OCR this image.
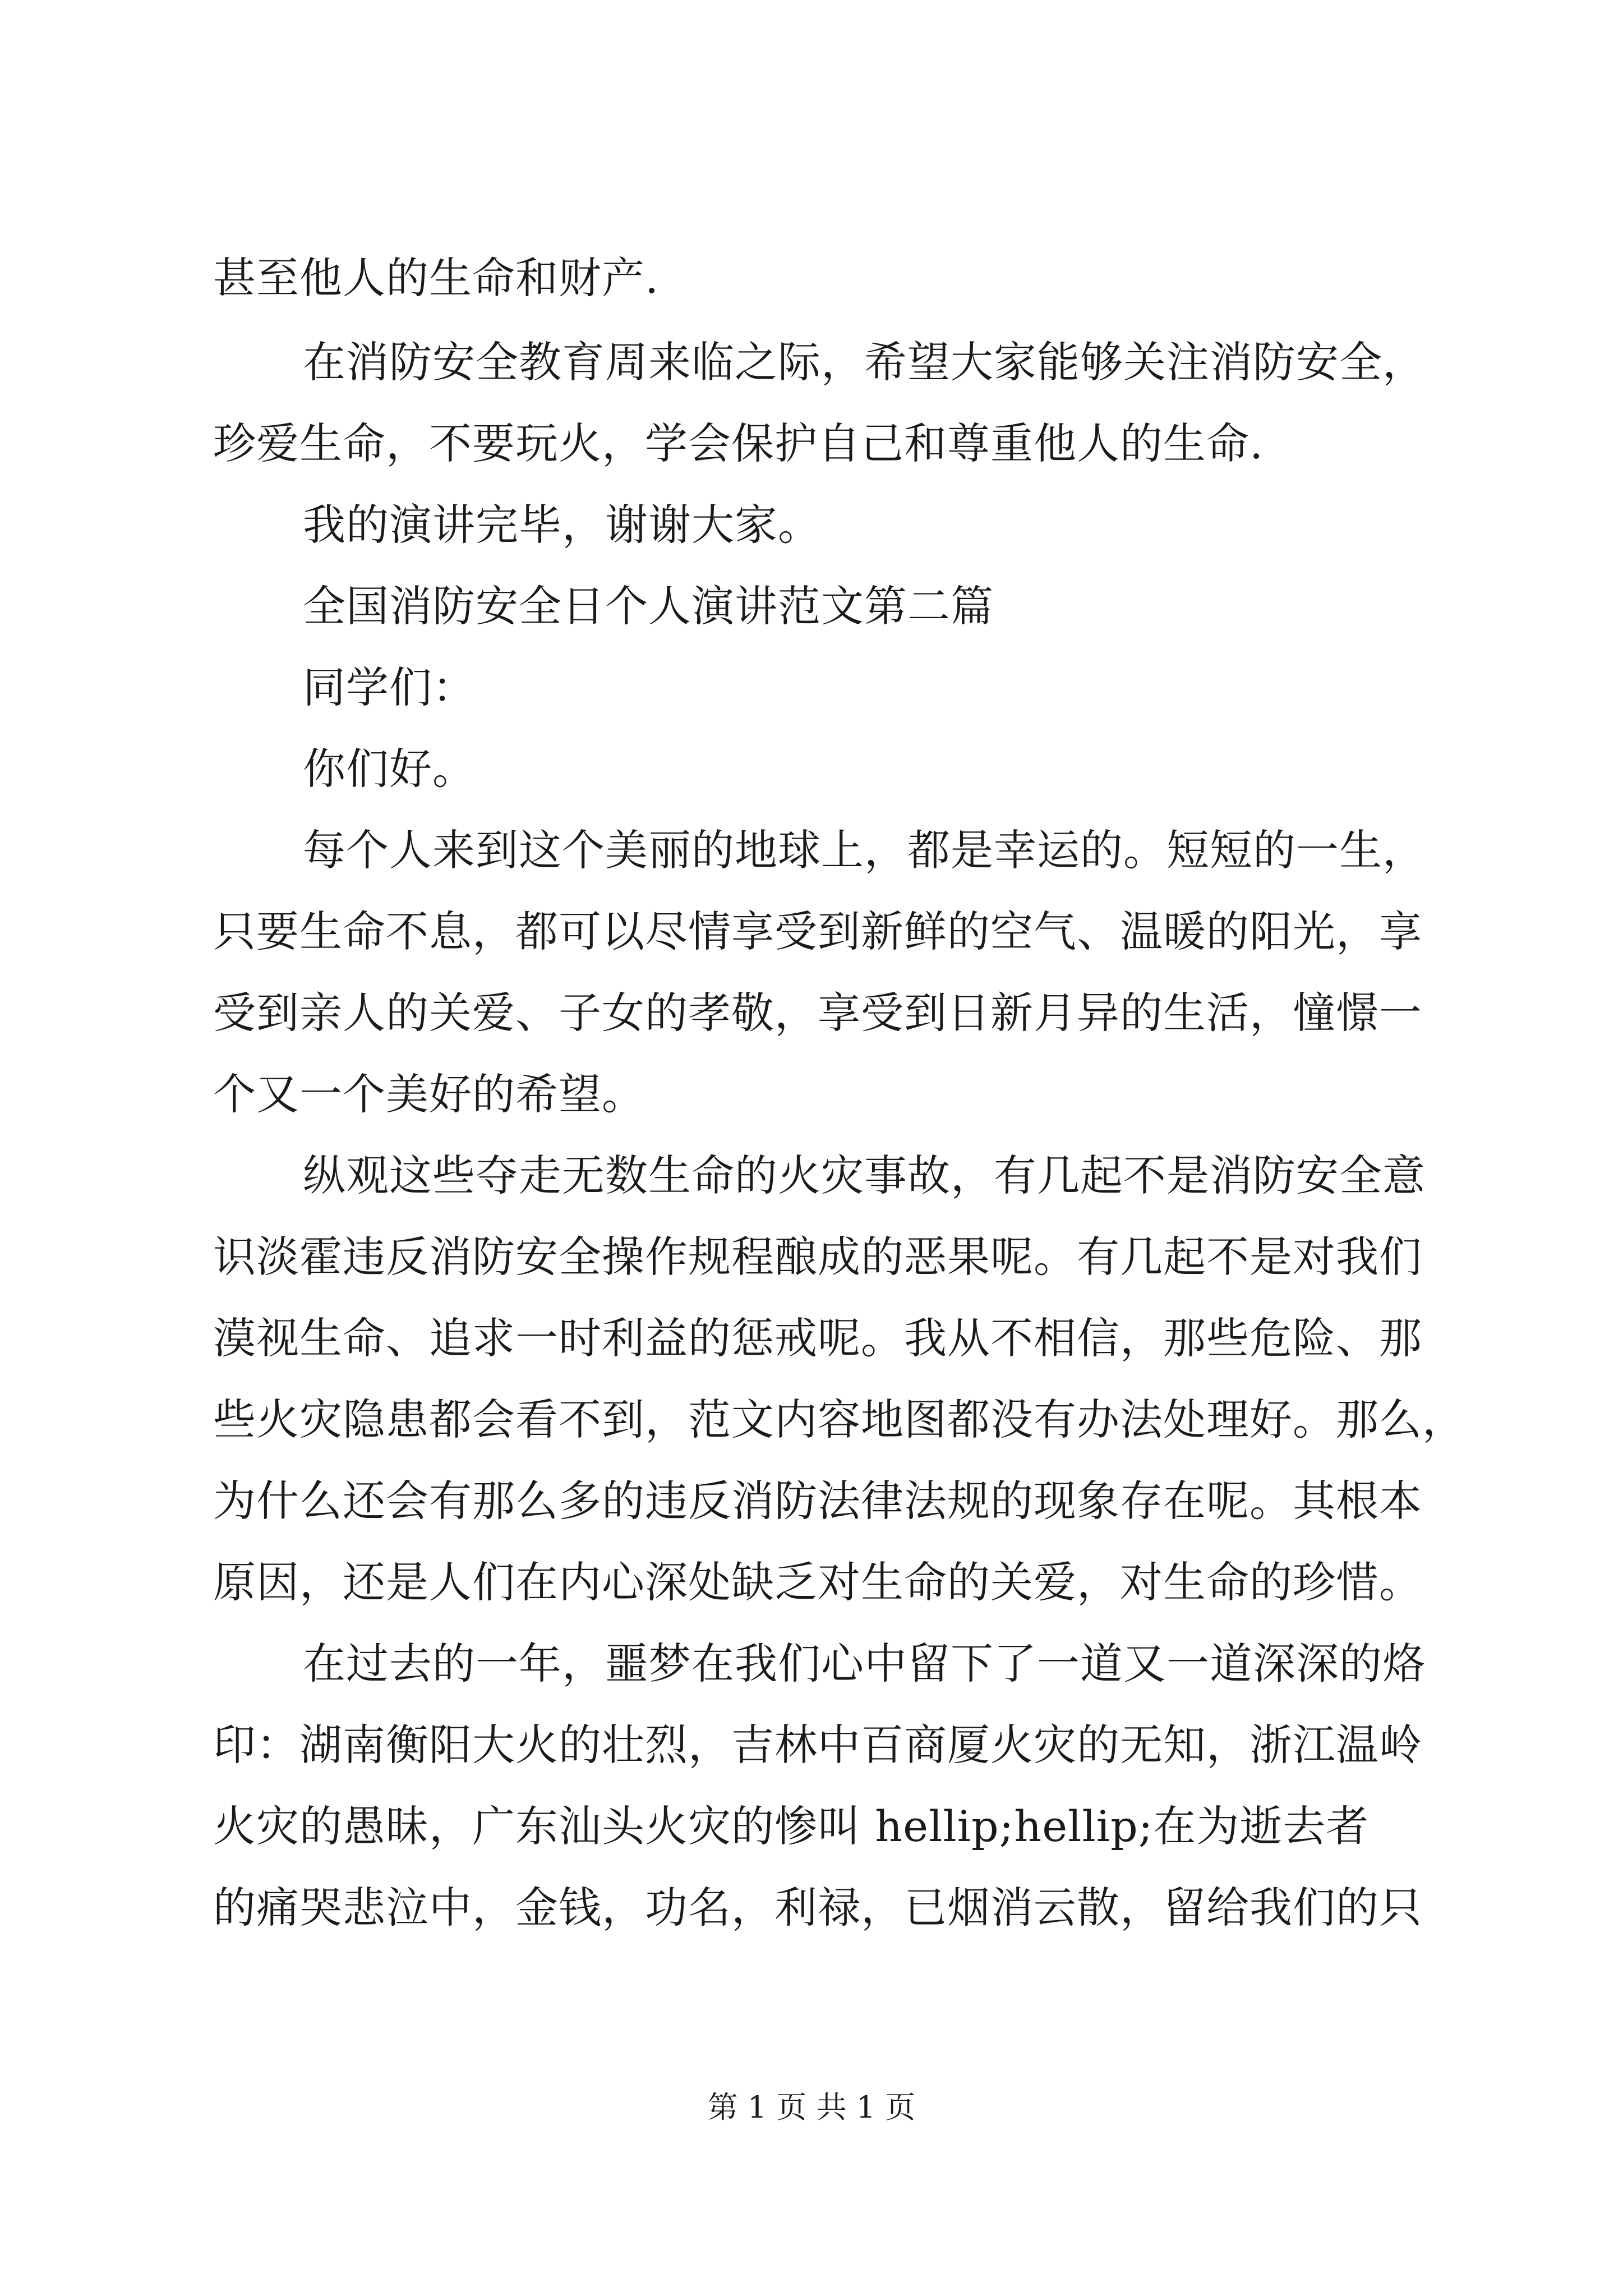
甚至他人的生命和财产.
在消防安全教育周来临之际，希望大家能够关注消防安全，
珍爱生命，不要玩火，学会保护自己和尊重他人的生命.
我的演讲完毕，谢谢大家。
全国消防安全日个人演讲范文第二篇
同学们：
你们好。
每个人来到这个美丽的地球上，都是幸运的。短短的一生，
只要生命不息，都可以尽情享受到新鲜的空气、温暖的阳光，享
受到亲人的关爱、子女的孝敬，享受到日新月异的生活，憧憬一
个又一个美好的希望。
纵观这些夺走无数生命的火灾事故，有几起不是消防安全意
识淡霍违反消防安全操作规程酿成的恶果呢。有几起不是对我们
漠视生命、追求一时利益的惩戒呢。我从不相信，那些危险、那
些火灾隐患都会看不到，范文内容地图都没有办法处理好。那么，
为什么还会有那么多的违反消防法律法规的现象存在呢。其根本
原因，还是人们在内心深处缺乏对生命的关爱，对生命的珍惜。
在过去的一年，噩梦在我们心中留下了一道又一道深深的烙
印：湖南衡阳大火的壮烈，吉林中百商厦火灾的无知，浙江温岭
火灾的愚昧，广东汕头火灾的惨叫 hellip;hellip;在为逝去者
的痛哭悲泣中，金钱，功名，利禄，已烟消云散，留给我们的只
第 1 页 共 1 页
